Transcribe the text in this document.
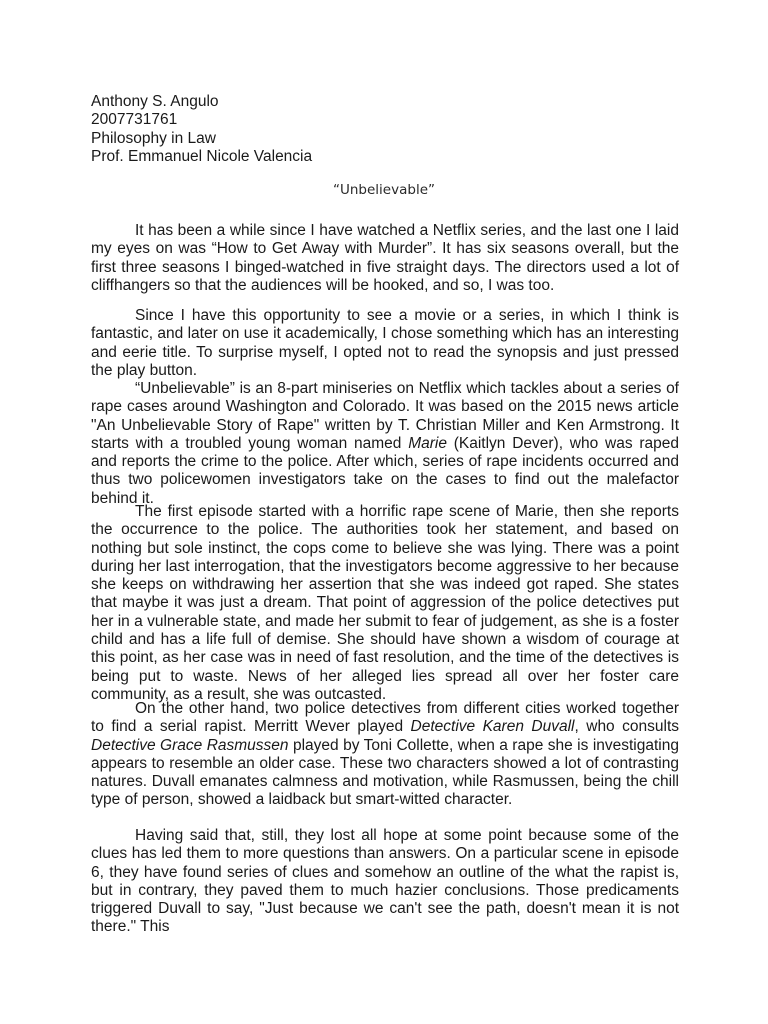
Anthony S. Angulo
2007731761
Philosophy in Law
Prof. Emmanuel Nicole Valencia
“Unbelievable”

It has been a while since I have watched a Netflix series, and the last one I laid my eyes on was “How to Get Away with Murder”. It has six seasons overall, but the first three seasons I binged-watched in five straight days. The directors used a lot of cliffhangers so that the audiences will be hooked, and so, I was too.

Since I have this opportunity to see a movie or a series, in which I think is fantastic, and later on use it academically, I chose something which has an interesting and eerie title. To surprise myself, I opted not to read the synopsis and just pressed the play button.

“Unbelievable” is an 8-part miniseries on Netflix which tackles about a series of rape cases around Washington and Colorado. It was based on the 2015 news article "An Unbelievable Story of Rape" written by T. Christian Miller and Ken Armstrong. It starts with a troubled young woman named Marie (Kaitlyn Dever), who was raped and reports the crime to the police. After which, series of rape incidents occurred and thus two policewomen investigators take on the cases to find out the malefactor behind it.

The first episode started with a horrific rape scene of Marie, then she reports the occurrence to the police. The authorities took her statement, and based on nothing but sole instinct, the cops come to believe she was lying. There was a point during her last interrogation, that the investigators become aggressive to her because she keeps on withdrawing her assertion that she was indeed got raped. She states that maybe it was just a dream. That point of aggression of the police detectives put her in a vulnerable state, and made her submit to fear of judgement, as she is a foster child and has a life full of demise. She should have shown a wisdom of courage at this point, as her case was in need of fast resolution, and the time of the detectives is being put to waste. News of her alleged lies spread all over her foster care community, as a result, she was outcasted.

On the other hand, two police detectives from different cities worked together to find a serial rapist. Merritt Wever played Detective Karen Duvall, who consults Detective Grace Rasmussen played by Toni Collette, when a rape she is investigating appears to resemble an older case. These two characters showed a lot of contrasting natures. Duvall emanates calmness and motivation, while Rasmussen, being the chill type of person, showed a laidback but smart-witted character.

Having said that, still, they lost all hope at some point because some of the clues has led them to more questions than answers. On a particular scene in episode 6, they have found series of clues and somehow an outline of the what the rapist is, but in contrary, they paved them to much hazier conclusions. Those predicaments triggered Duvall to say, "Just because we can't see the path, doesn't mean it is not there." This
